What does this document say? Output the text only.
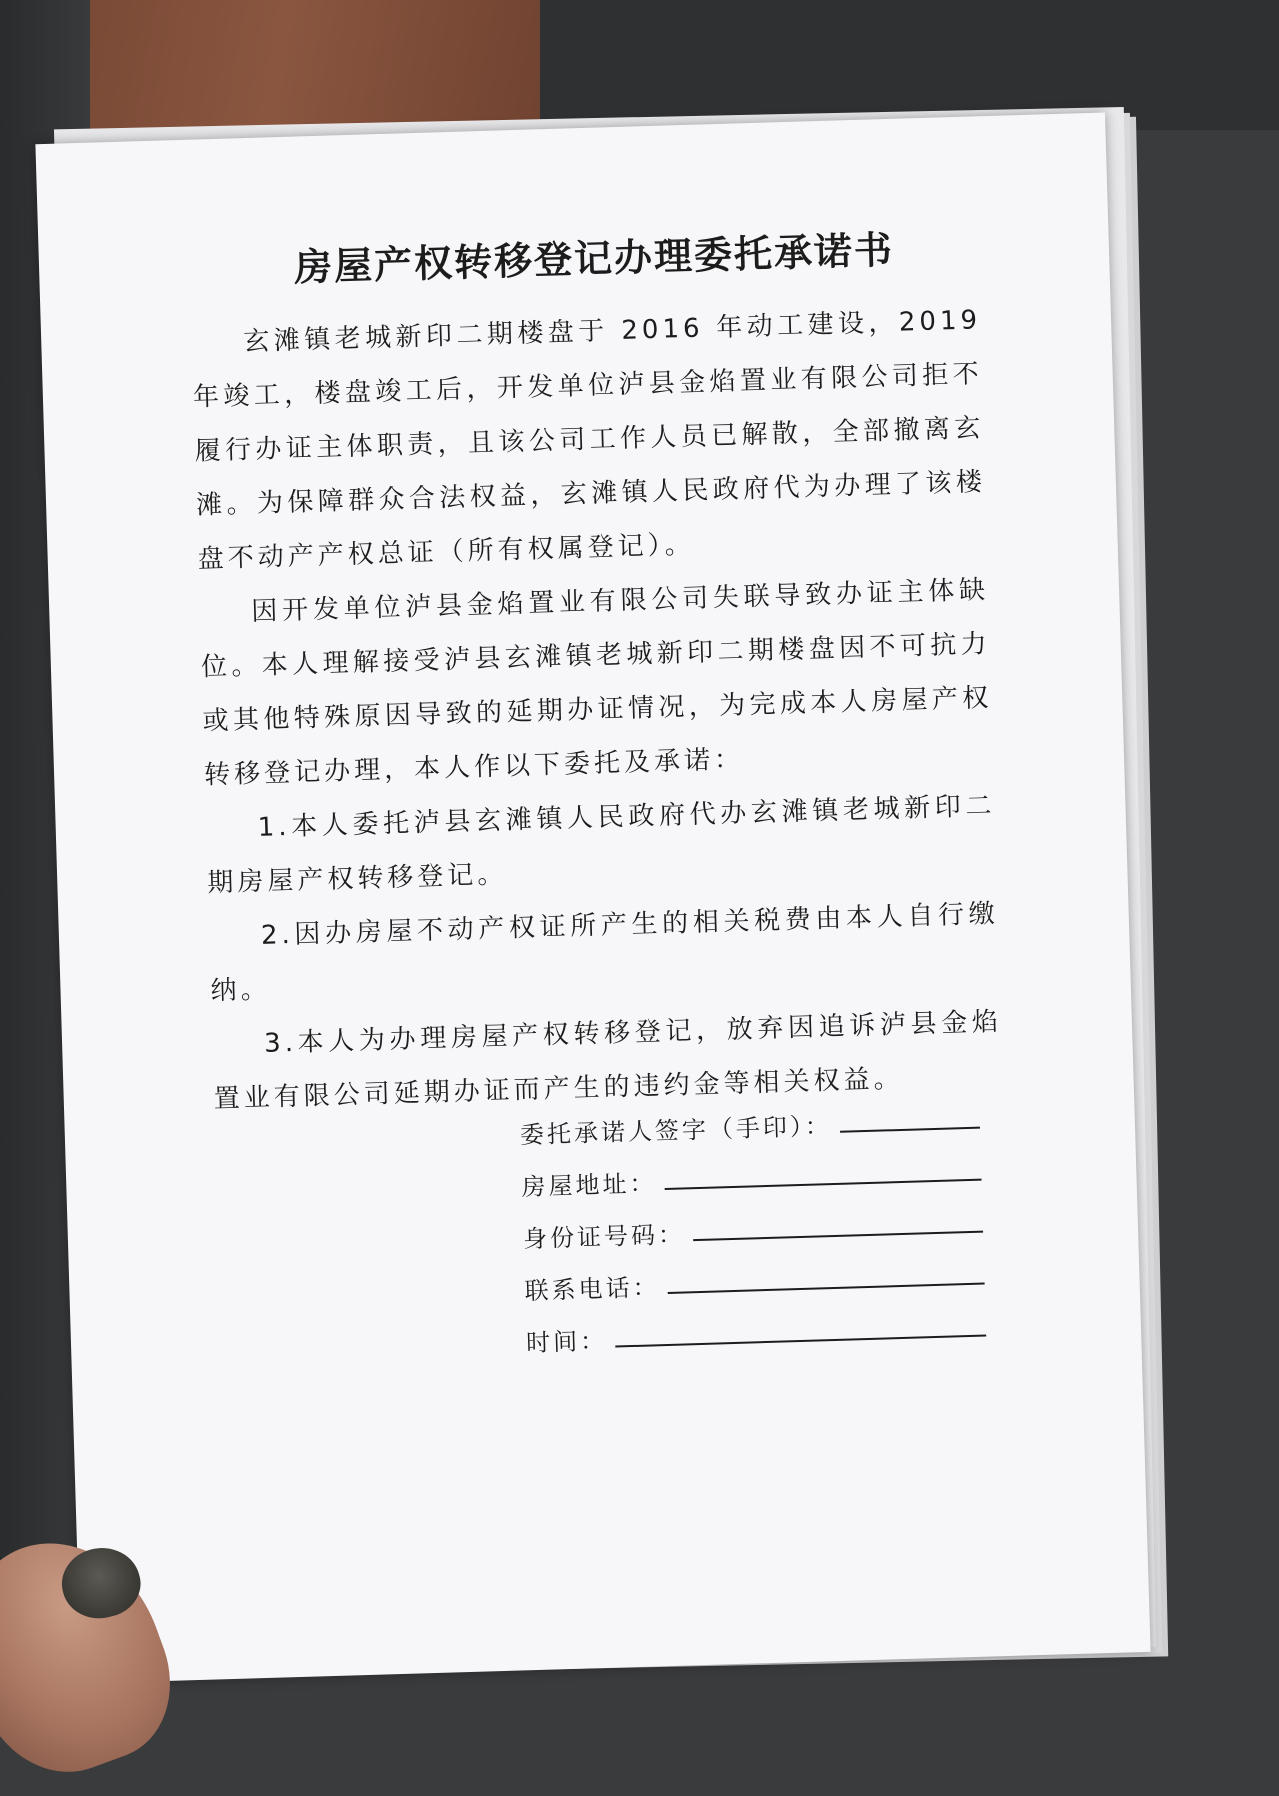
房屋产权转移登记办理委托承诺书

玄滩镇老城新印二期楼盘于 2016 年动工建设，2019 年竣工，楼盘竣工后，开发单位泸县金焰置业有限公司拒不履行办证主体职责，且该公司工作人员已解散，全部撤离玄滩。为保障群众合法权益，玄滩镇人民政府代为办理了该楼盘不动产产权总证（所有权属登记）。

因开发单位泸县金焰置业有限公司失联导致办证主体缺位。本人理解接受泸县玄滩镇老城新印二期楼盘因不可抗力或其他特殊原因导致的延期办证情况，为完成本人房屋产权转移登记办理，本人作以下委托及承诺：

1.本人委托泸县玄滩镇人民政府代办玄滩镇老城新印二期房屋产权转移登记。

2.因办房屋不动产权证所产生的相关税费由本人自行缴纳。

3.本人为办理房屋产权转移登记，放弃因追诉泸县金焰置业有限公司延期办证而产生的违约金等相关权益。

委托承诺人签字（手印）：
房屋地址：
身份证号码：
联系电话：
时间：
